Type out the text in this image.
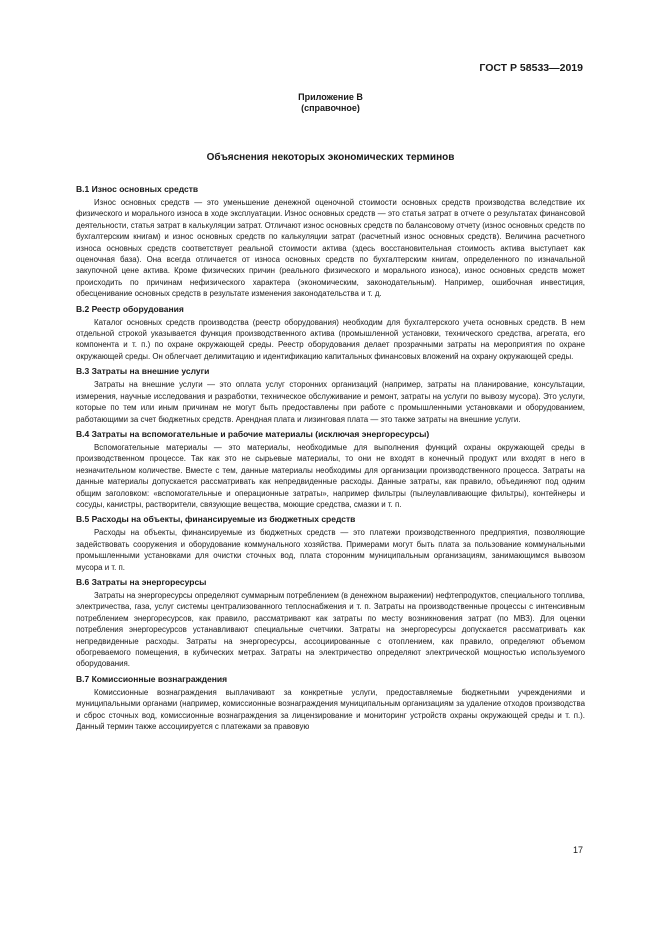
ГОСТ Р 58533—2019
Приложение В
(справочное)
Объяснения некоторых экономических терминов
В.1 Износ основных средств

Износ основных средств — это уменьшение денежной оценочной стоимости основных средств производства вследствие их физического и морального износа в ходе эксплуатации. Износ основных средств — это статья затрат в отчете о результатах финансовой деятельности, статья затрат в калькуляции затрат. Отличают износ основных средств по балансовому отчету (износ основных средств по бухгалтерским книгам) и износ основных средств по калькуляции затрат (расчетный износ основных средств). Величина расчетного износа основных средств соответствует реальной стоимости актива (здесь восстановительная стоимость актива выступает как оценочная база). Она всегда отличается от износа основных средств по бухгалтерским книгам, определенного по изначальной закупочной цене актива. Кроме физических причин (реального физического и морального износа), износ основных средств может происходить по причинам нефизического характера (экономическим, законодательным). Например, ошибочная инвестиция, обесценивание основных средств в результате изменения законодательства и т. д.

В.2 Реестр оборудования

Каталог основных средств производства (реестр оборудования) необходим для бухгалтерского учета основных средств. В нем отдельной строкой указывается функция производственного актива (промышленной установки, технического средства, агрегата, его компонента и т. п.) по охране окружающей среды. Реестр оборудования делает прозрачными затраты на мероприятия по охране окружающей среды. Он облегчает делимитацию и идентификацию капитальных финансовых вложений на охрану окружающей среды.

В.3 Затраты на внешние услуги

Затраты на внешние услуги — это оплата услуг сторонних организаций (например, затраты на планирование, консультации, измерения, научные исследования и разработки, техническое обслуживание и ремонт, затраты на услуги по вывозу мусора). Это услуги, которые по тем или иным причинам не могут быть предоставлены при работе с промышленными установками и оборудованием, работающими за счет бюджетных средств. Арендная плата и лизинговая плата — это также затраты на внешние услуги.

В.4 Затраты на вспомогательные и рабочие материалы (исключая энергоресурсы)

Вспомогательные материалы — это материалы, необходимые для выполнения функций охраны окружающей среды в производственном процессе. Так как это не сырьевые материалы, то они не входят в конечный продукт или входят в него в незначительном количестве. Вместе с тем, данные материалы необходимы для организации производственного процесса. Затраты на данные материалы допускается рассматривать как непредвиденные расходы. Данные затраты, как правило, объединяют под одним общим заголовком: «вспомогательные и операционные затраты», например фильтры (пылеулавливающие фильтры), контейнеры и сосуды, канистры, растворители, связующие вещества, моющие средства, смазки и т. п.

В.5 Расходы на объекты, финансируемые из бюджетных средств

Расходы на объекты, финансируемые из бюджетных средств — это платежи производственного предприятия, позволяющие задействовать сооружения и оборудование коммунального хозяйства. Примерами могут быть плата за пользование коммунальными промышленными установками для очистки сточных вод, плата сторонним муниципальным организациям, занимающимся вывозом мусора и т. п.

В.6 Затраты на энергоресурсы

Затраты на энергоресурсы определяют суммарным потреблением (в денежном выражении) нефтепродуктов, специального топлива, электричества, газа, услуг системы централизованного теплоснабжения и т. п. Затраты на производственные процессы с интенсивным потреблением энергоресурсов, как правило, рассматривают как затраты по месту возникновения затрат (по МВЗ). Для оценки потребления энергоресурсов устанавливают специальные счетчики. Затраты на энергоресурсы допускается рассматривать как непредвиденные расходы. Затраты на энергоресурсы, ассоциированные с отоплением, как правило, определяют объемом обогреваемого помещения, в кубических метрах. Затраты на электричество определяют электрической мощностью используемого оборудования.

В.7 Комиссионные вознаграждения

Комиссионные вознаграждения выплачивают за конкретные услуги, предоставляемые бюджетными учреждениями и муниципальными органами (например, комиссионные вознаграждения муниципальным организациям за удаление отходов производства и сброс сточных вод, комиссионные вознаграждения за лицензирование и мониторинг устройств охраны окружающей среды и т. п.). Данный термин также ассоциируется с платежами за правовую

17
